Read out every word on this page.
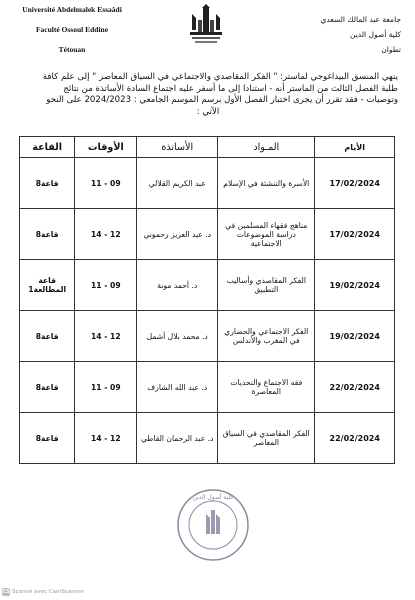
Université Abdelmalek Essaâdi
Faculté Ossoul Eddine
Tétouan
جامعة عبد المالك السعدي
كلية أصول الدين
تطوان
ينهي المنسق البيداغوجي لماستر: " الفكر المقاصدي والاجتماعي في السياق المعاصر " إلى علم كافة
طلبة الفصل الثالث من الماستر أنه - استنادا إلى ما أسفر عليه اجتماع السادة الأساتذة من نتائج
وتوصيات - فقد تقرر أن يجرى اختبار الفصل الأول برسم الموسم الجامعي : 2024/2023 على النحو
الآتي :
الأيام	المـواد	الأساتذة	الأوقات	القاعة
17/02/2024	الأسرة والتنشئة في الإسلام	عبد الكريم القلالي	09 - 11	قاعة8
17/02/2024	مناهج فقهاء المسلمين في دراسة الموضوعات الاجتماعية	د. عبد العزيز رحموني	12 - 14	قاعة8
19/02/2024	الفكر المقاصدي وأساليب التطبيق	د. أحمد مونة	09 - 11	قاعة المطالعة1
19/02/2024	الفكر الاجتماعي والحضاري في المغرب والأندلس	د. محمد بلال أشمل	12 - 14	قاعة8
22/02/2024	فقه الاجتماع والتحديات المعاصرة	د. عبد الله الشارف	09 - 11	قاعة8
22/02/2024	الفكر المقاصدي في السياق المعاصر	د. عبد الرحمان القاطي	12 - 14	قاعة8
كلية أصول الدين
CS Scanné avec CamScanner
